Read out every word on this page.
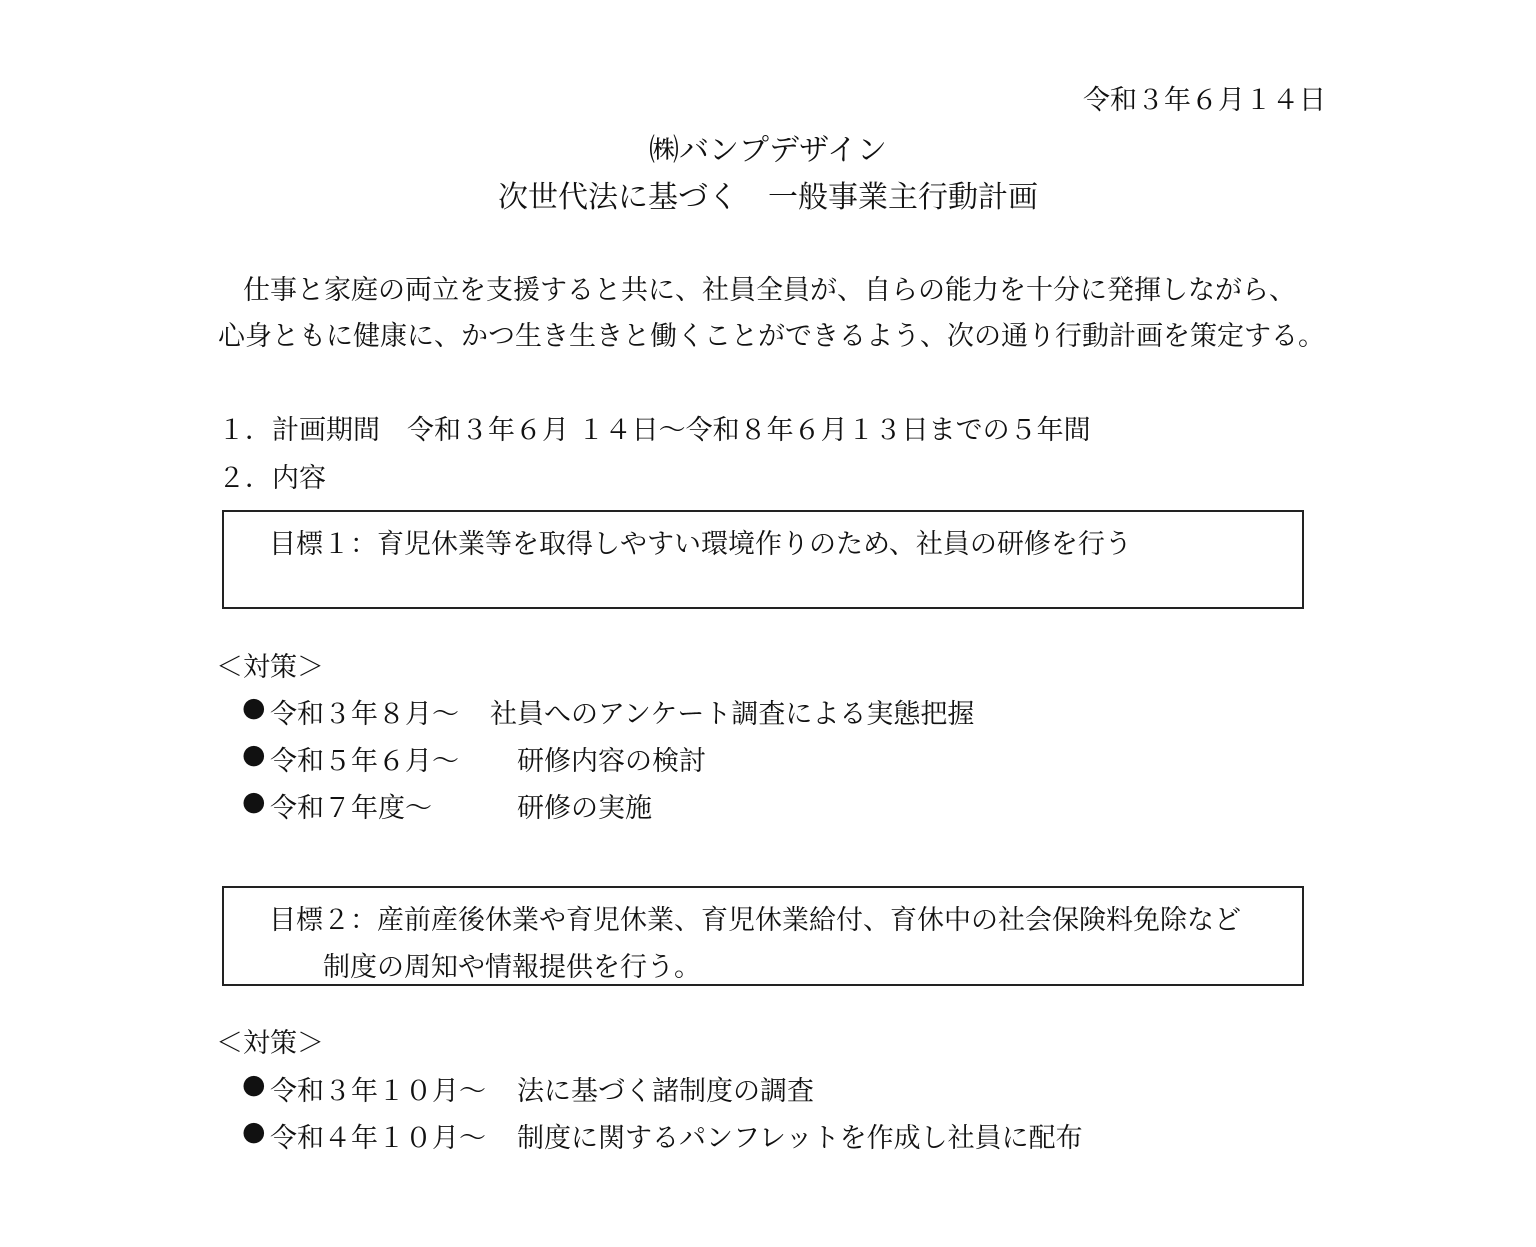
令和３年６月１４日
㈱バンプデザイン
次世代法に基づく　一般事業主行動計画
仕事と家庭の両立を支援すると共に、社員全員が、自らの能力を十分に発揮しながら、
心身ともに健康に、かつ生き生きと働くことができるよう、次の通り行動計画を策定する。
１．計画期間　令和３年６月 １４日～令和８年６月１３日までの５年間
２．内容
目標１：育児休業等を取得しやすい環境作りのため、社員の研修を行う
＜対策＞
● 令和３年８月～ 社員へのアンケート調査による実態把握
● 令和５年６月～ 研修内容の検討
● 令和７年度～	研修の実施
目標２：産前産後休業や育児休業、育児休業給付、育休中の社会保険料免除など
制度の周知や情報提供を行う。
＜対策＞
● 令和３年１０月～ 法に基づく諸制度の調査
● 令和４年１０月～ 制度に関するパンフレットを作成し社員に配布
